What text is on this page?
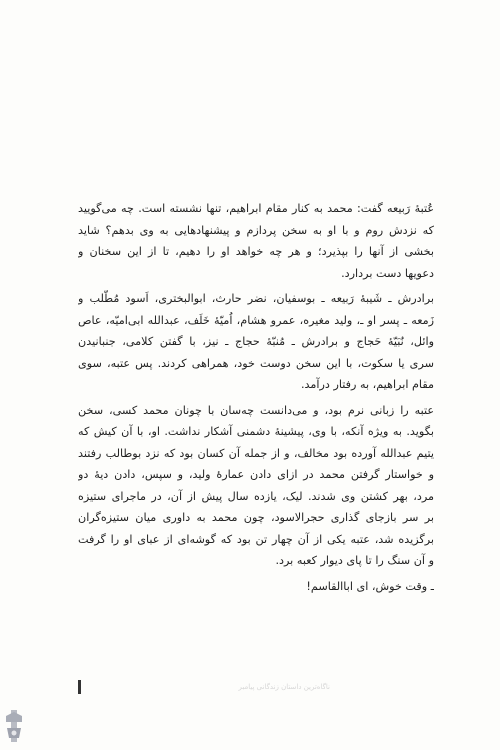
عُتبهٔ رَبیعه گفت: محمد به کنار مقام ابراهیم، تنها نشسته است. چه می‌گویید
که نزدش روم و با او به سخن پردازم و پیشنهادهایی به وی بدهم؟ شاید
بخشی از آنها را بپذیرد؛ و هر چه خواهد او را دهیم، تا از این سخنان و
دعویها دست بردارد.
برادرش ـ شَیبهٔ رَبیعه ـ بوسفیان، نضر حارث، ابوالبختری، اَسود مُطّلب و
زَمعه ـ پسر او ـ، ولید مغیره، عمرو هشام، اُمیّهٔ خَلَف، عبدالله ابی‌امیّه، عاص
وائل، نُبَیّهٔ حَجاج و برادرش ـ مُنبّهٔ حجاج ـ نیز، با گفتن کلامی، جنبانیدن
سری یا سکوت، با این سخن دوست خود، همراهی کردند. پس عتبه، سوی
مقام ابراهیم، به رفتار درآمد.
عتبه را زبانی نرم بود، و می‌دانست چه‌سان با چونان محمد کسی، سخن
بگوید. به ویژه آنکه، با وی، پیشینهٔ دشمنی آشکار نداشت. او، با آن کیش که
یتیم عبدالله آورده بود مخالف، و از جمله آن کسان بود که نزد بوطالب رفتند
و خواستار گرفتن محمد در ازای دادن عمارهٔ ولید، و سپس، دادن دیهٔ دو
مرد، بهر کشتن وی شدند. لیک، یازده سال پیش از آن، در ماجرای ستیزه
بر سر بازجای گذاری حجرالاسود، چون محمد به داوری میان ستیزه‌گران
برگزیده شد، عتبه یکی از آن چهار تن بود که گوشه‌ای از عبای او را گرفت
و آن سنگ را تا پای دیوار کعبه برد.
ـ وقت خوش، ای اباالقاسم!
ناگاه‌ترین داستان زندگانی پیامبر
